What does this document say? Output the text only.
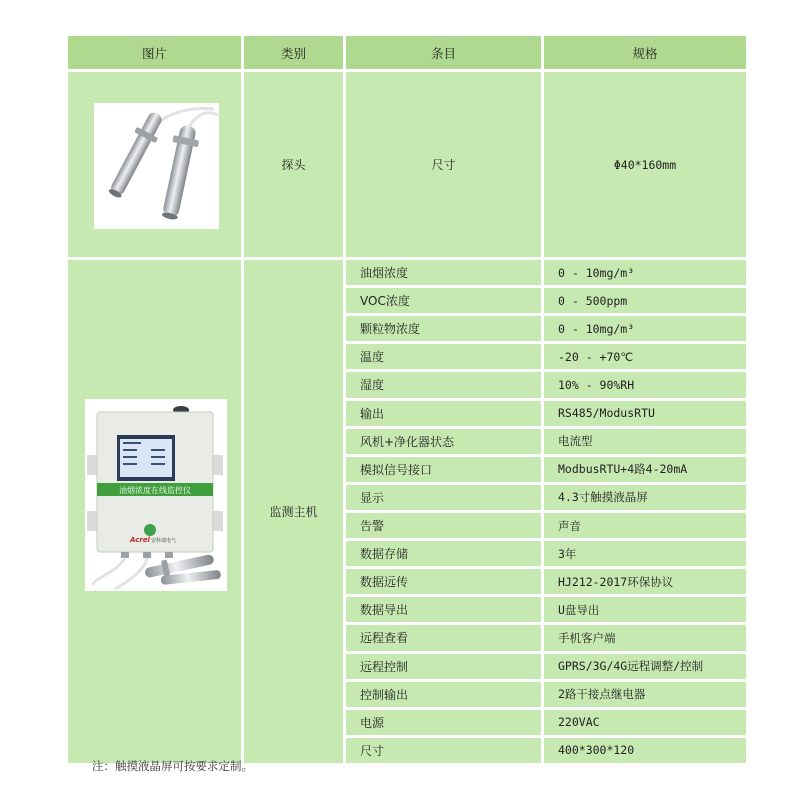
图片	类别	条目	规格
探头	尺寸	Φ40*160mm
监测主机
油烟浓度	0 - 10mg/m³
VOC浓度	0 - 500ppm
颗粒物浓度	0 - 10mg/m³
温度	-20 - +70℃
湿度	10% - 90%RH
输出	RS485/ModusRTU
风机+净化器状态	电流型
模拟信号接口	ModbusRTU+4路4-20mA
显示	4.3寸触摸液晶屏
告警	声音
数据存储	3年
数据远传	HJ212-2017环保协议
数据导出	U盘导出
远程查看	手机客户端
远程控制	GPRS/3G/4G远程调整/控制
控制输出	2路干接点继电器
电源	220VAC
尺寸	400*300*120
油烟浓度在线监控仪
Acrel 安科瑞电气
注：触摸液晶屏可按要求定制。
